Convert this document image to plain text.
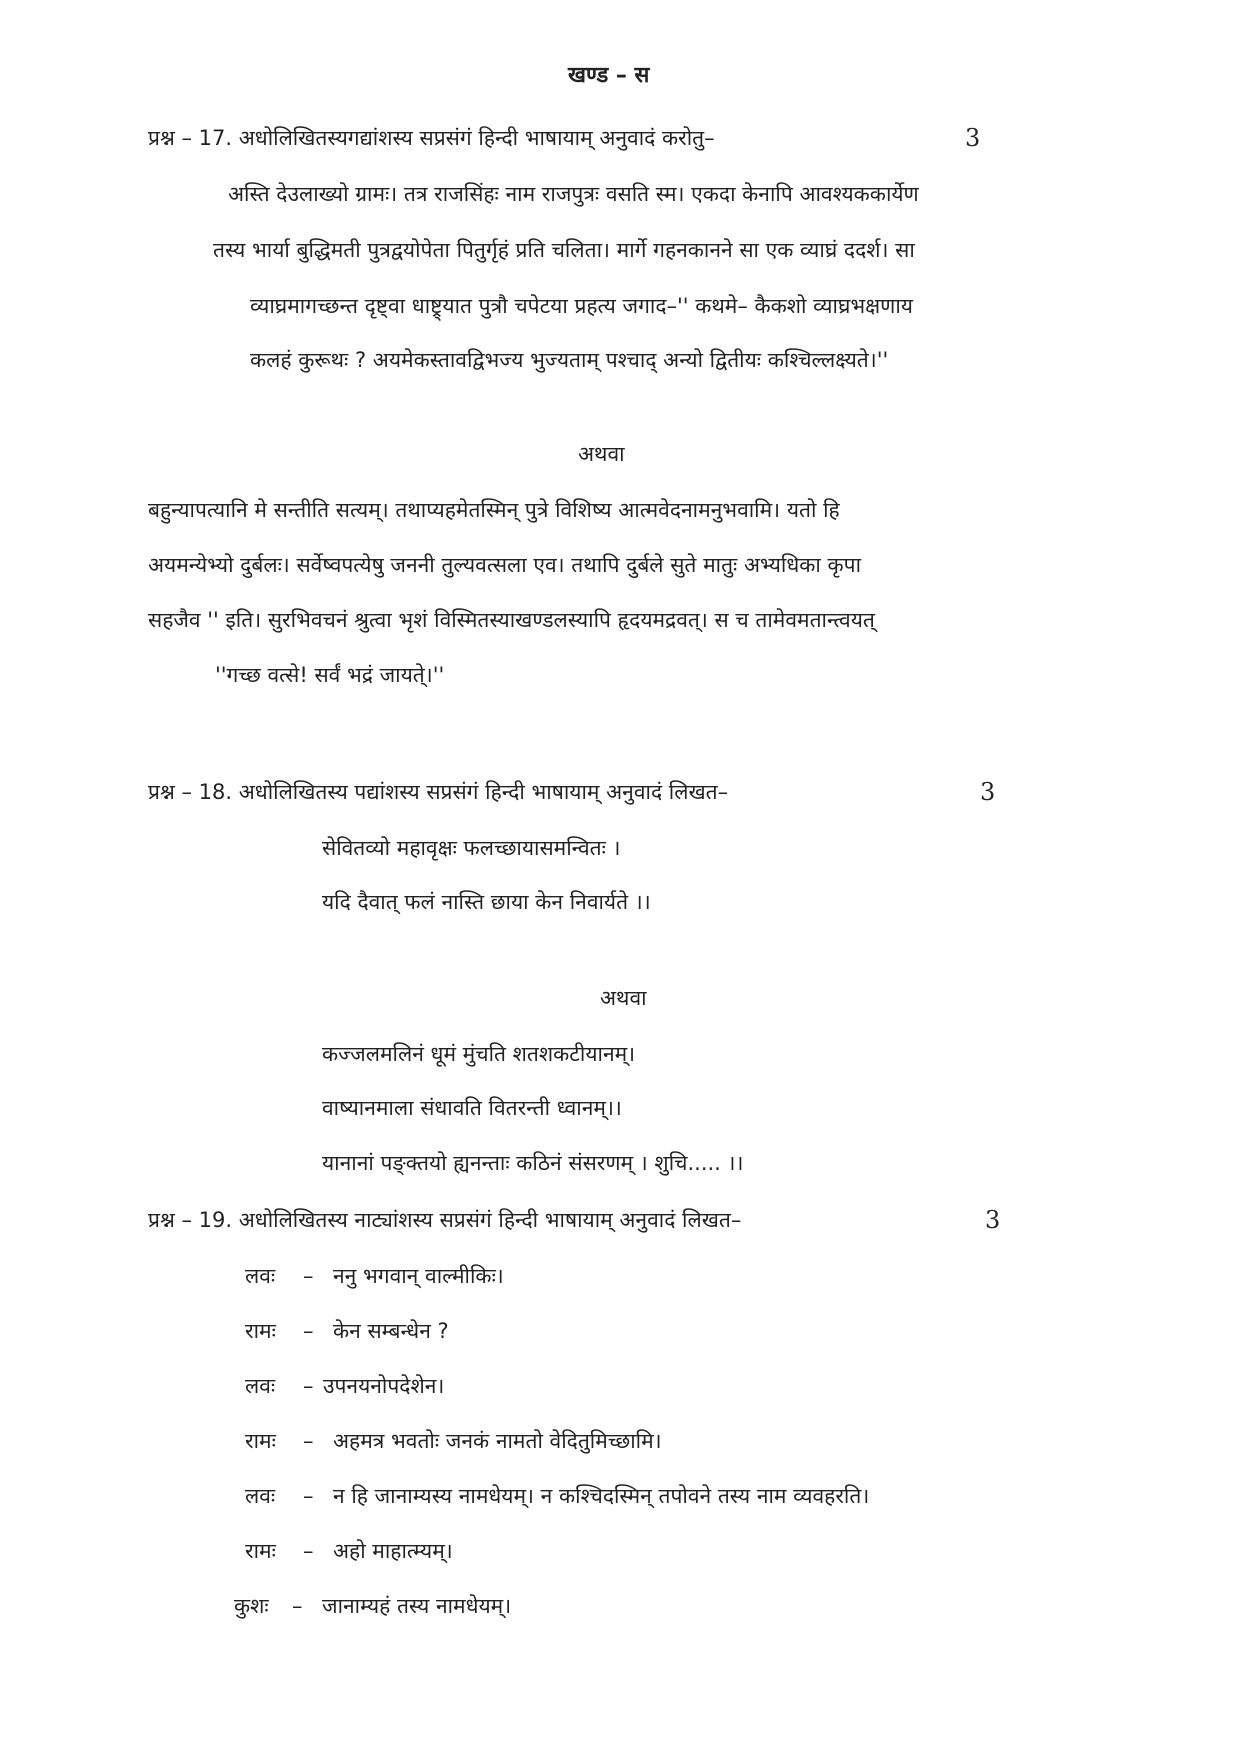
खण्ड – स
प्रश्न – 17. अधोलिखितस्यगद्यांशस्य सप्रसंगं हिन्दी भाषायाम् अनुवादं करोतु–	3
अस्ति देउलाख्यो ग्रामः। तत्र राजसिंहः नाम राजपुत्रः वसति स्म। एकदा केनापि आवश्यककार्येण
तस्य भार्या बुद्धिमती पुत्रद्वयोपेता पितुर्गृहं प्रति चलिता। मार्गे गहनकानने सा एक व्याघ्रं ददर्श। सा
व्याघ्रमागच्छन्त दृष्ट्वा धाष्ट्र्यात पुत्रौ चपेटया प्रहत्य जगाद–'' कथमे– कैकशो व्याघ्रभक्षणाय
कलहं कुरूथः ? अयमेकस्तावद्विभज्य भुज्यताम् पश्चाद् अन्यो द्वितीयः कश्चिल्लक्ष्यते।''
अथवा
बहुन्यापत्यानि मे सन्तीति सत्यम्। तथाप्यहमेतस्मिन् पुत्रे विशिष्य आत्मवेदनामनुभवामि। यतो हि
अयमन्येभ्यो दुर्बलः। सर्वेष्वपत्येषु जननी तुल्यवत्सला एव। तथापि दुर्बले सुते मातुः अभ्यधिका कृपा
सहजैव '' इति। सुरभिवचनं श्रुत्वा भृशं विस्मितस्याखण्डलस्यापि हृदयमद्रवत्। स च तामेवमतान्त्वयत्
''गच्छ वत्से! सर्वं भद्रं जायते्।''
प्रश्न – 18. अधोलिखितस्य पद्यांशस्य सप्रसंगं हिन्दी भाषायाम् अनुवादं लिखत–	3
सेवितव्यो महावृक्षः फलच्छायासमन्वितः ।
यदि दैवात् फलं नास्ति छाया केन निवार्यते ।।
अथवा
कज्जलमलिनं धूमं मुंचति शतशकटीयानम्।
वाष्यानमाला संधावति वितरन्ती ध्वानम्।।
यानानां पङ्क्तयो ह्यनन्ताः कठिनं संसरणम् । शुचि..... ।।
प्रश्न – 19. अधोलिखितस्य नाट्यांशस्य सप्रसंगं हिन्दी भाषायाम् अनुवादं लिखत–	3
लवः – ननु भगवान् वाल्मीकिः।
रामः – केन सम्बन्धेन ?
लवः – उपनयनोपदेशेन।
रामः – अहमत्र भवतोः जनकं नामतो वेदितुमिच्छामि।
लवः – न हि जानाम्यस्य नामधेयम्। न कश्चिदस्मिन् तपोवने तस्य नाम व्यवहरति।
रामः – अहो माहात्म्यम्।
कुशः – जानाम्यहं तस्य नामधेयम्।
